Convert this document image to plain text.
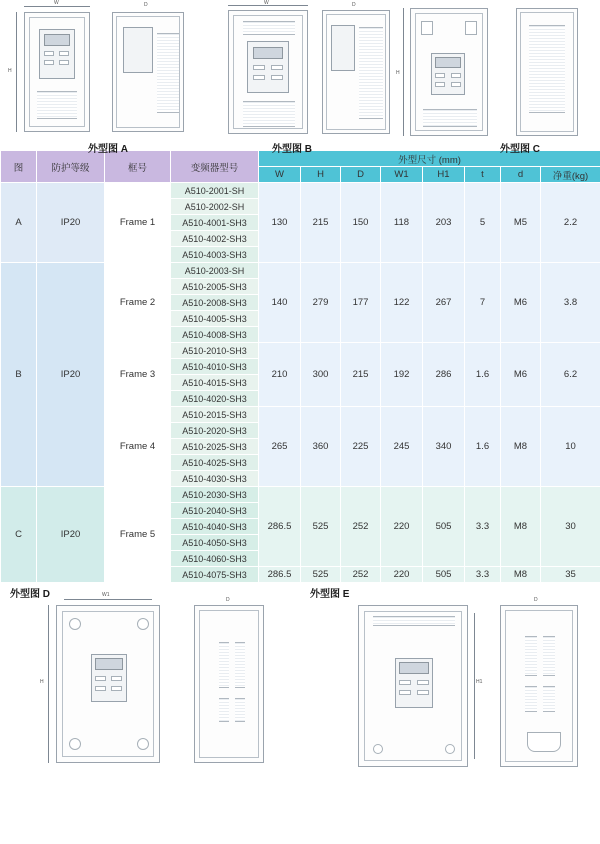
W
H
D	W	D
H
外型图 A	外型图 B	外型图 C
图	防护等级	框号	变频器型号	外型尺寸 (mm)							
				W	H	D	W1	H1	t	d	净重(kg)
A	IP20	Frame 1	A510-2001-SH	130	215	150	118	203	5	M5	2.2
			A510-2002-SH								
			A510-4001-SH3								
			A510-4002-SH3								
			A510-4003-SH3								
B	IP20	Frame 2	A510-2003-SH	140	279	177	122	267	7	M6	3.8
			A510-2005-SH3								
			A510-2008-SH3								
			A510-4005-SH3								
			A510-4008-SH3								
		Frame 3	A510-2010-SH3	210	300	215	192	286	1.6	M6	6.2
			A510-4010-SH3								
			A510-4015-SH3								
			A510-4020-SH3								
		Frame 4	A510-2015-SH3	265	360	225	245	340	1.6	M8	10
			A510-2020-SH3								
			A510-2025-SH3								
			A510-4025-SH3								
			A510-4030-SH3								
C	IP20	Frame 5	A510-2030-SH3	286.5	525	252	220	505	3.3	M8	30
			A510-2040-SH3								
			A510-4040-SH3								
			A510-4050-SH3								
			A510-4060-SH3								
			A510-4075-SH3	286.5	525	252	220	505	3.3	M8	35
外型图 D	外型图 E
W1
H
D
H1
D
